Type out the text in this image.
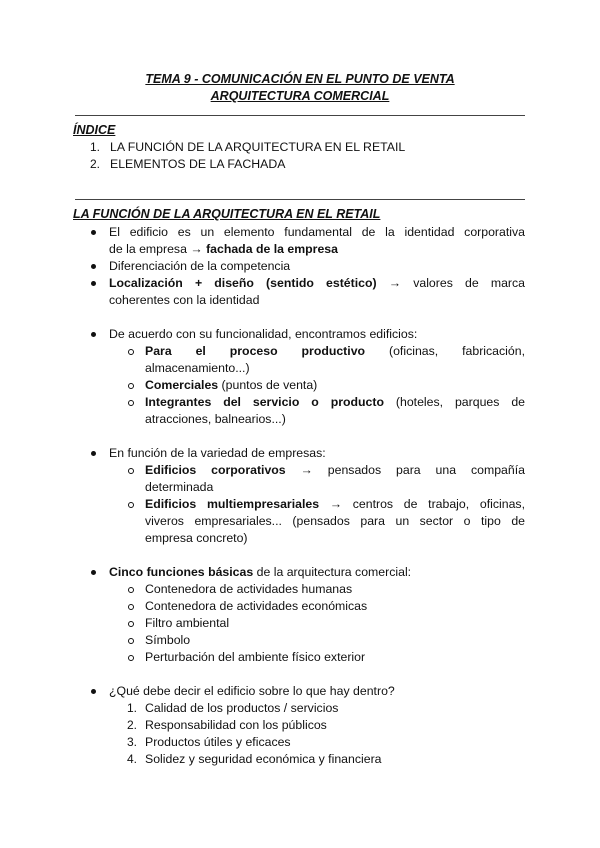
TEMA 9 - COMUNICACIÓN EN EL PUNTO DE VENTA
ARQUITECTURA COMERCIAL
ÍNDICE
1. LA FUNCIÓN DE LA ARQUITECTURA EN EL RETAIL
2. ELEMENTOS DE LA FACHADA
LA FUNCIÓN DE LA ARQUITECTURA EN EL RETAIL
El edificio es un elemento fundamental de la identidad corporativa
de la empresa → fachada de la empresa
Diferenciación de la competencia
Localización + diseño (sentido estético) → valores de marca
coherentes con la identidad
De acuerdo con su funcionalidad, encontramos edificios:
Para el proceso productivo (oficinas, fabricación,
almacenamiento...)
Comerciales (puntos de venta)
Integrantes del servicio o producto (hoteles, parques de
atracciones, balnearios...)
En función de la variedad de empresas:
Edificios corporativos → pensados para una compañía
determinada
Edificios multiempresariales → centros de trabajo, oficinas,
viveros empresariales... (pensados para un sector o tipo de
empresa concreto)
Cinco funciones básicas de la arquitectura comercial:
Contenedora de actividades humanas
Contenedora de actividades económicas
Filtro ambiental
Símbolo
Perturbación del ambiente físico exterior
¿Qué debe decir el edificio sobre lo que hay dentro?
1. Calidad de los productos / servicios
2. Responsabilidad con los públicos
3. Productos útiles y eficaces
4. Solidez y seguridad económica y financiera
